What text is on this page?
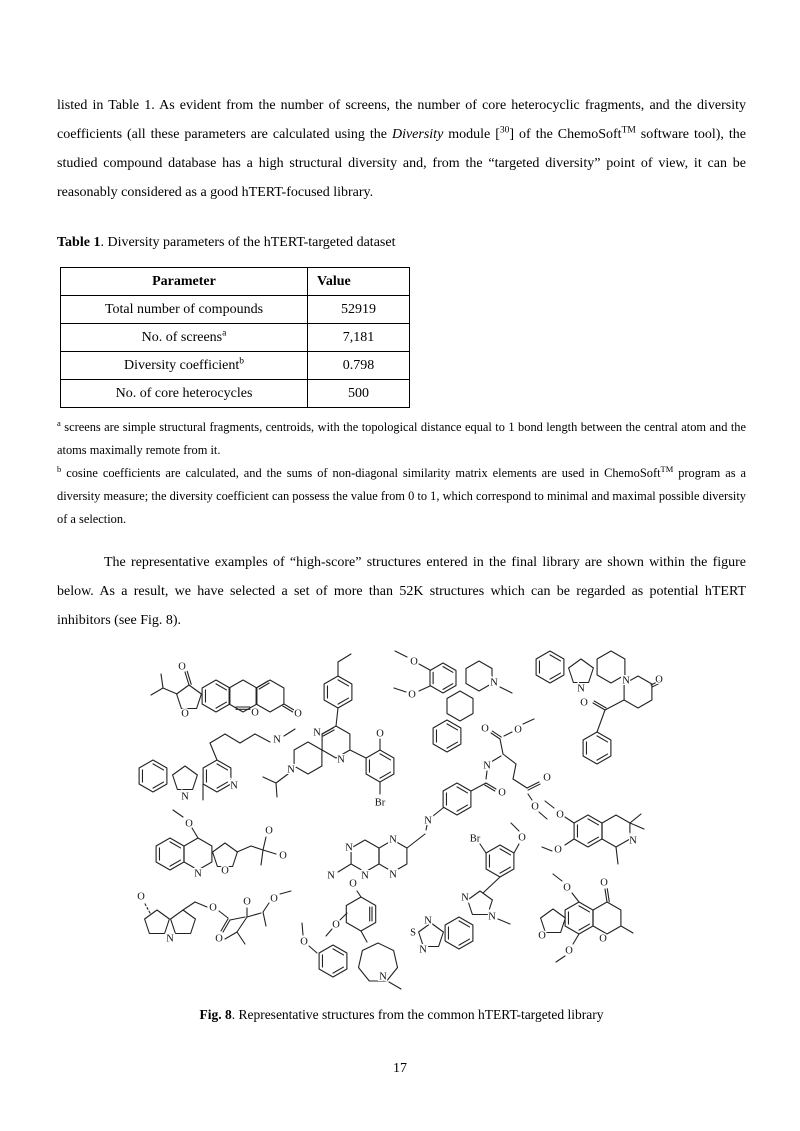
listed in Table 1. As evident from the number of screens, the number of core heterocyclic fragments, and the diversity coefficients (all these parameters are calculated using the Diversity module [$^{30}$] of the ChemoSoft™ software tool), the studied compound database has a high structural diversity and, from the “targeted diversity” point of view, it can be reasonably considered as a good hTERT-focused library.

Table 1. Diversity parameters of the hTERT-targeted dataset

Parameter	Value
Total number of compounds	52919
No. of screens$^a$	7,181
Diversity coefficient$^b$	0.798
No. of core heterocycles	500

$^a$ screens are simple structural fragments, centroids, with the topological distance equal to 1 bond length between the central atom and the atoms maximally remote from it.

$^b$ cosine coefficients are calculated, and the sums of non-diagonal similarity matrix elements are used in ChemoSoft™ program as a diversity measure; the diversity coefficient can possess the value from 0 to 1, which correspond to minimal and maximal possible diversity of a selection.

The representative examples of “high-score” structures entered in the final library are shown within the figure below. As a result, we have selected a set of more than 52K structures which can be regarded as potential hTERT inhibitors (see Fig. 8).

O
O	O	O
N
N
N
N
N
N
O
Br
O
O
N
N
N O
O
N
N
N
N
N
N
N
O
O O
O
O
N O
O
O
O
N
O
O
O
O O
O
O
O
N
O
O
N
Br	O
N
N
S
N
N
O	O
O
O
O

Fig. 8. Representative structures from the common hTERT-targeted library

17
